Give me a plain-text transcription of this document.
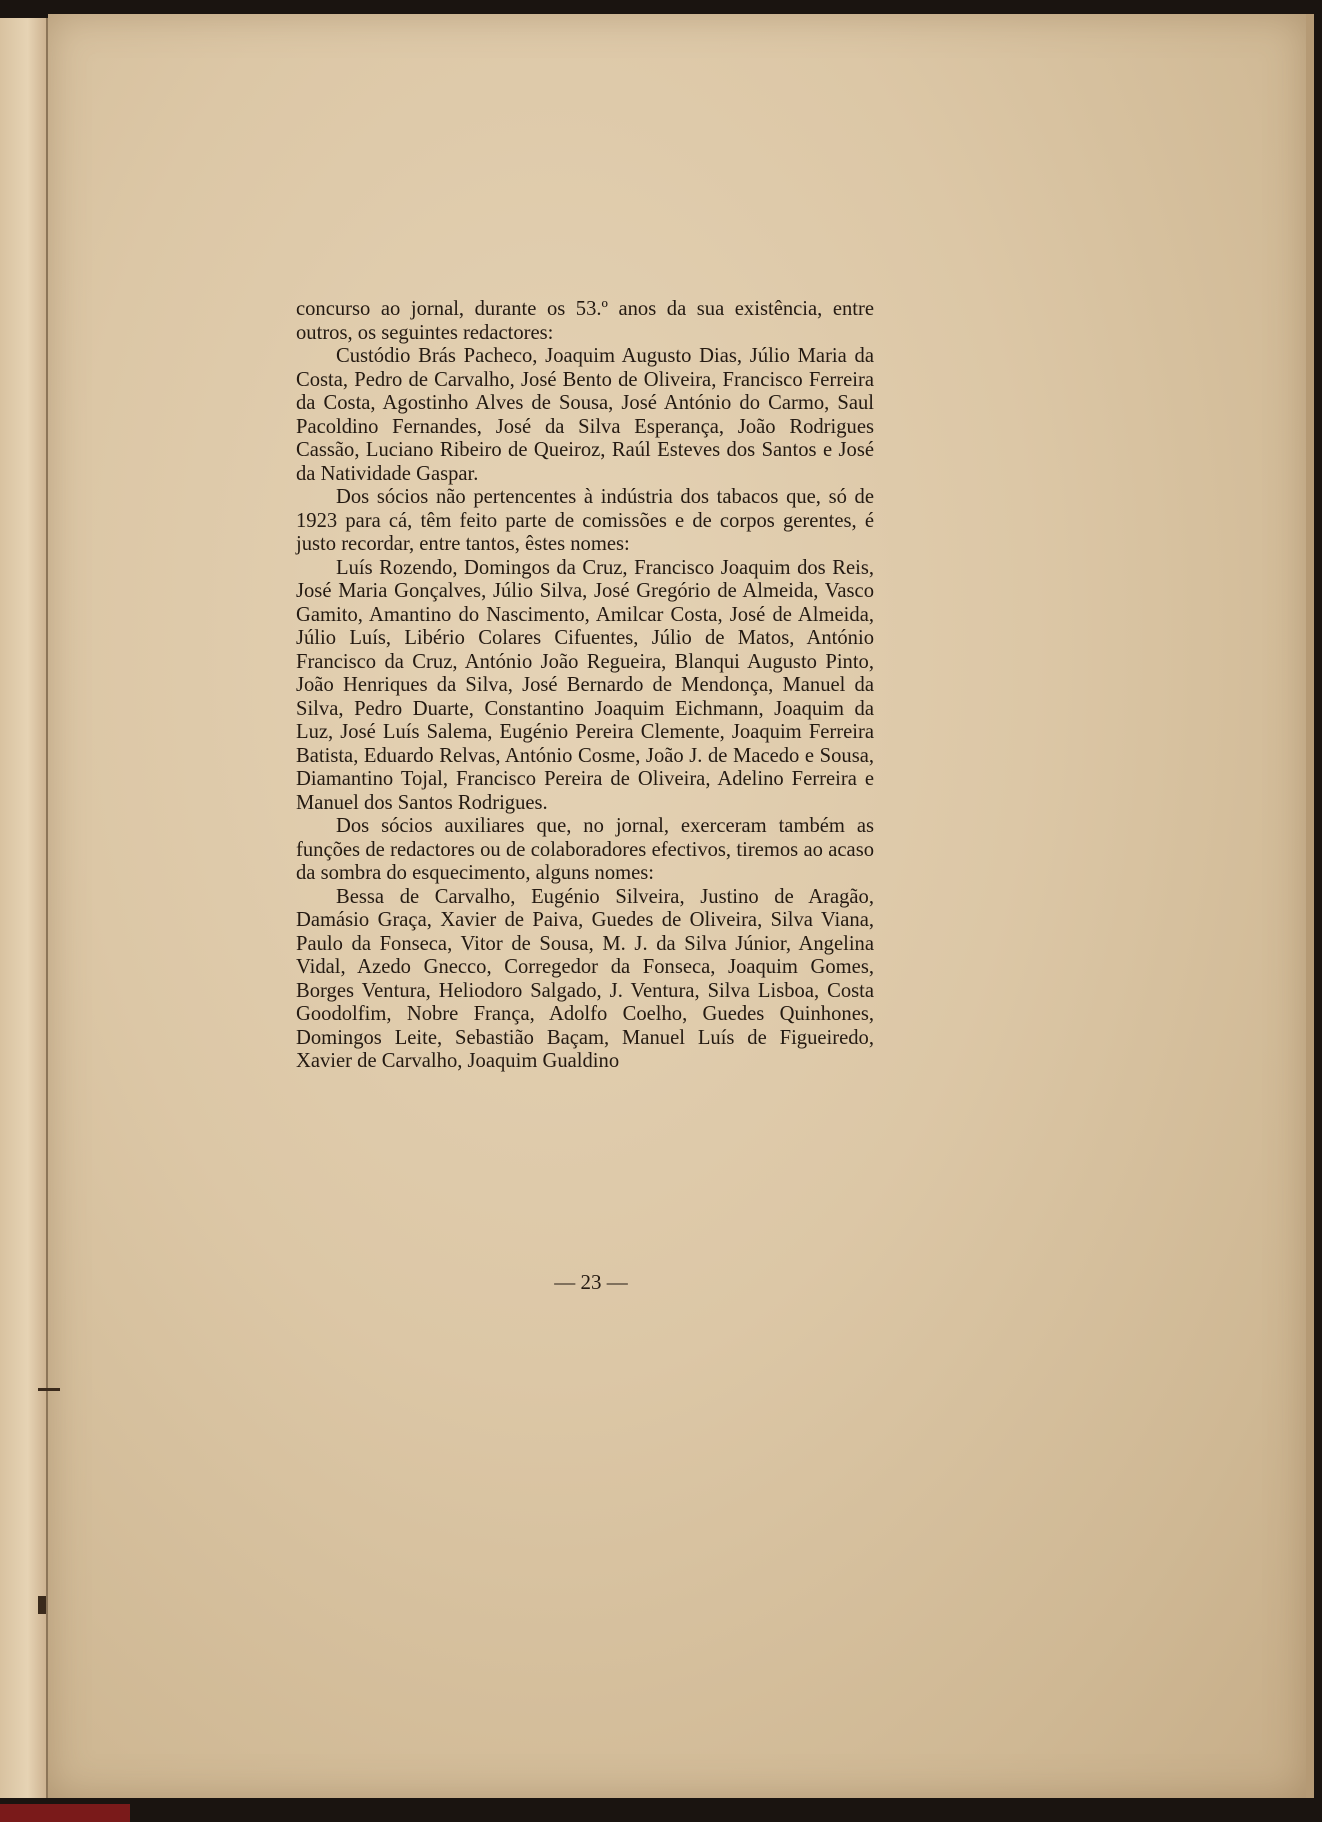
concurso ao jornal, durante os 53.º anos da sua existência, entre outros, os seguintes redactores:

Custódio Brás Pacheco, Joaquim Augusto Dias, Júlio Maria da Costa, Pedro de Carvalho, José Bento de Oliveira, Francisco Ferreira da Costa, Agostinho Alves de Sousa, José António do Carmo, Saul Pacoldino Fernandes, José da Silva Esperança, João Rodrigues Cassão, Luciano Ribeiro de Queiroz, Raúl Esteves dos Santos e José da Natividade Gaspar.

Dos sócios não pertencentes à indústria dos tabacos que, só de 1923 para cá, têm feito parte de comissões e de corpos gerentes, é justo recordar, entre tantos, êstes nomes:

Luís Rozendo, Domingos da Cruz, Francisco Joaquim dos Reis, José Maria Gonçalves, Júlio Silva, José Gregório de Almeida, Vasco Gamito, Amantino do Nascimento, Amilcar Costa, José de Almeida, Júlio Luís, Libério Colares Cifuentes, Júlio de Matos, António Francisco da Cruz, António João Regueira, Blanqui Augusto Pinto, João Henriques da Silva, José Bernardo de Mendonça, Manuel da Silva, Pedro Duarte, Constantino Joaquim Eichmann, Joaquim da Luz, José Luís Salema, Eugénio Pereira Clemente, Joaquim Ferreira Batista, Eduardo Relvas, António Cosme, João J. de Macedo e Sousa, Diamantino Tojal, Francisco Pereira de Oliveira, Adelino Ferreira e Manuel dos Santos Rodrigues.

Dos sócios auxiliares que, no jornal, exerceram também as funções de redactores ou de colaboradores efectivos, tiremos ao acaso da sombra do esquecimento, alguns nomes:

Bessa de Carvalho, Eugénio Silveira, Justino de Aragão, Damásio Graça, Xavier de Paiva, Guedes de Oliveira, Silva Viana, Paulo da Fonseca, Vitor de Sousa, M. J. da Silva Júnior, Angelina Vidal, Azedo Gnecco, Corregedor da Fonseca, Joaquim Gomes, Borges Ventura, Heliodoro Salgado, J. Ventura, Silva Lisboa, Costa Goodolfim, Nobre França, Adolfo Coelho, Guedes Quinhones, Domingos Leite, Sebastião Baçam, Manuel Luís de Figueiredo, Xavier de Carvalho, Joaquim Gualdino

— 23 —
